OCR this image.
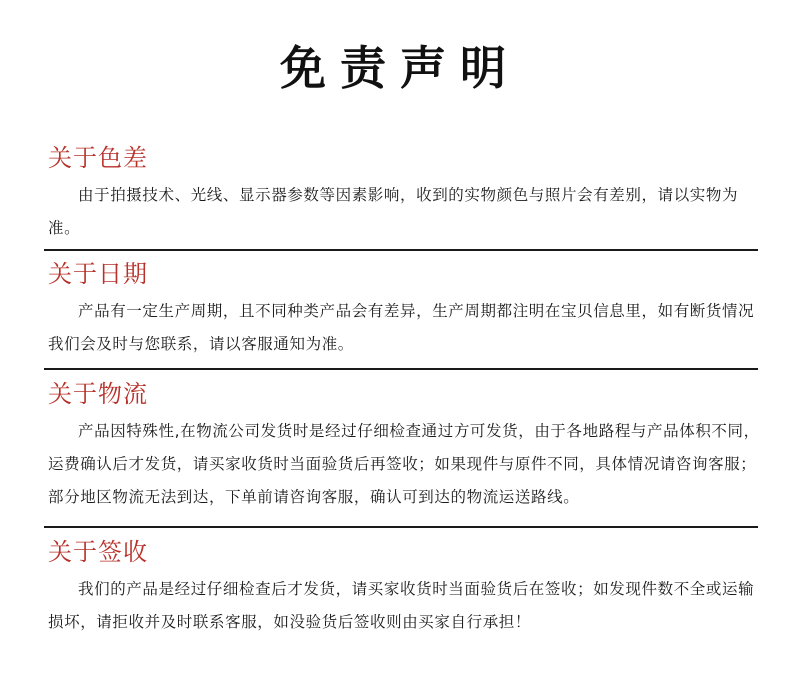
免责声明
关于色差
由于拍摄技术、光线、显示器参数等因素影响，收到的实物颜色与照片会有差别，请以实物为准。
关于日期
产品有一定生产周期，且不同种类产品会有差异，生产周期都注明在宝贝信息里，如有断货情况我们会及时与您联系，请以客服通知为准。
关于物流
产品因特殊性,在物流公司发货时是经过仔细检查通过方可发货，由于各地路程与产品体积不同，运费确认后才发货，请买家收货时当面验货后再签收；如果现件与原件不同，具体情况请咨询客服；部分地区物流无法到达，下单前请咨询客服，确认可到达的物流运送路线。
关于签收
我们的产品是经过仔细检查后才发货，请买家收货时当面验货后在签收；如发现件数不全或运输损坏，请拒收并及时联系客服，如没验货后签收则由买家自行承担！
